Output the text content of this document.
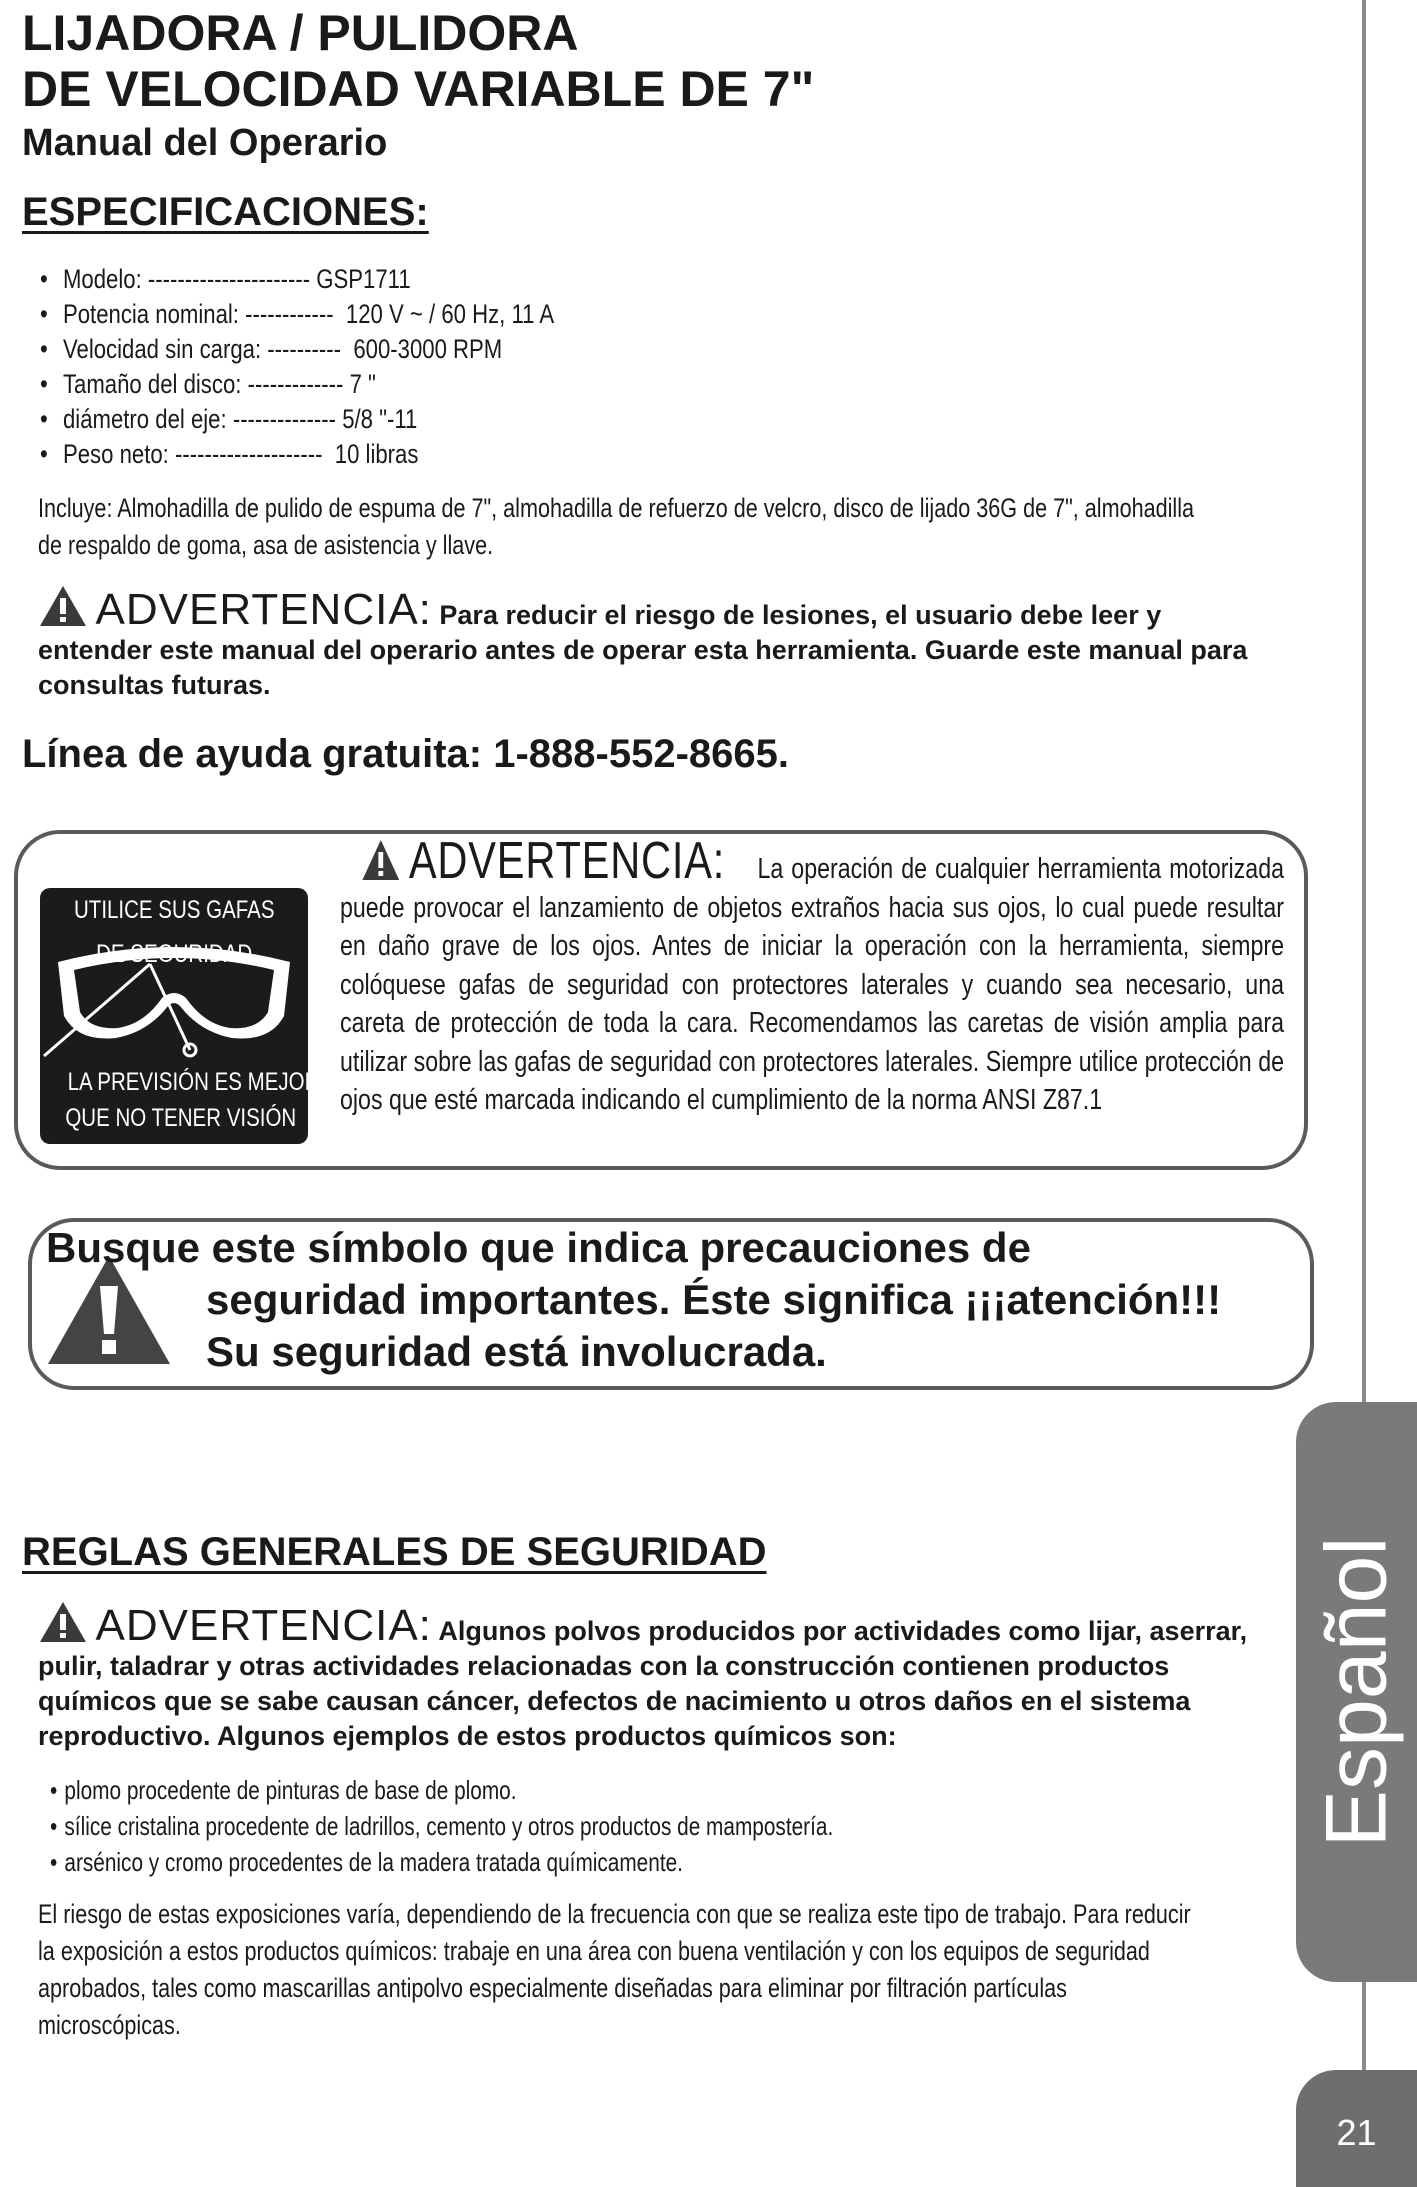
LIJADORA / PULIDORA
DE VELOCIDAD VARIABLE DE 7"
Manual del Operario
ESPECIFICACIONES:
• Modelo: ---------------------- GSP1711
• Potencia nominal: ------------ 120 V ~ / 60 Hz, 11 A
• Velocidad sin carga: ---------- 600-3000 RPM
• Tamaño del disco: ------------- 7 "
• diámetro del eje: -------------- 5/8 "-11
• Peso neto: -------------------- 10 libras
Incluye: Almohadilla de pulido de espuma de 7", almohadilla de refuerzo de velcro, disco de lijado 36G de 7", almohadilla de respaldo de goma, asa de asistencia y llave.
ADVERTENCIA: Para reducir el riesgo de lesiones, el usuario debe leer y entender este manual del operario antes de operar esta herramienta. Guarde este manual para consultas futuras.
Línea de ayuda gratuita: 1-888-552-8665.
UTILICE SUS GAFAS
DE SEGURIDAD
LA PREVISIÓN ES MEJOR
QUE NO TENER VISIÓN
ADVERTENCIA: La operación de cualquier herramienta motorizada puede provocar el lanzamiento de objetos extraños hacia sus ojos, lo cual puede resultar en daño grave de los ojos. Antes de iniciar la operación con la herramienta, siempre colóquese gafas de seguridad con protectores laterales y cuando sea necesario, una careta de protección de toda la cara. Recomendamos las caretas de visión amplia para utilizar sobre las gafas de seguridad con protectores laterales. Siempre utilice protección de ojos que esté marcada indicando el cumplimiento de la norma ANSI Z87.1
Busque este símbolo que indica precauciones de
seguridad importantes. Éste significa ¡¡¡atención!!!
Su seguridad está involucrada.
REGLAS GENERALES DE SEGURIDAD
ADVERTENCIA: Algunos polvos producidos por actividades como lijar, aserrar, pulir, taladrar y otras actividades relacionadas con la construcción contienen productos químicos que se sabe causan cáncer, defectos de nacimiento u otros daños en el sistema reproductivo. Algunos ejemplos de estos productos químicos son:
• plomo procedente de pinturas de base de plomo.
• sílice cristalina procedente de ladrillos, cemento y otros productos de mampostería.
• arsénico y cromo procedentes de la madera tratada químicamente.
El riesgo de estas exposiciones varía, dependiendo de la frecuencia con que se realiza este tipo de trabajo. Para reducir la exposición a estos productos químicos: trabaje en una área con buena ventilación y con los equipos de seguridad aprobados, tales como mascarillas antipolvo especialmente diseñadas para eliminar por filtración partículas microscópicas.
Español
21
